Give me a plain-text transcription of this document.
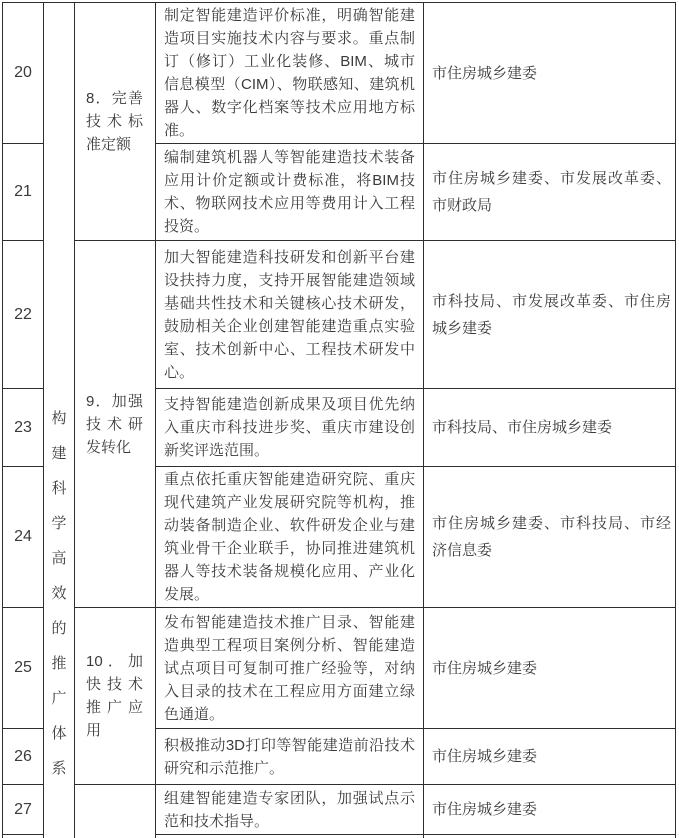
20	构建科学高效的推广体系	8．完善技术标准定额	制定智能建造评价标准，明确智能建造项目实施技术内容与要求。重点制订（修订）工业化装修、BIM、城市信息模型（CIM）、物联感知、建筑机器人、数字化档案等技术应用地方标准。	市住房城乡建委
21			编制建筑机器人等智能建造技术装备应用计价定额或计费标准，将BIM技术、物联网技术应用等费用计入工程投资。	市住房城乡建委、市发展改革委、市财政局
22		9．加强技术研发转化	加大智能建造科技研发和创新平台建设扶持力度，支持开展智能建造领域基础共性技术和关键核心技术研发，鼓励相关企业创建智能建造重点实验室、技术创新中心、工程技术研发中心。	市科技局、市发展改革委、市住房城乡建委
23			支持智能建造创新成果及项目优先纳入重庆市科技进步奖、重庆市建设创新奖评选范围。	市科技局、市住房城乡建委
24			重点依托重庆智能建造研究院、重庆现代建筑产业发展研究院等机构，推动装备制造企业、软件研发企业与建筑业骨干企业联手，协同推进建筑机器人等技术装备规模化应用、产业化发展。	市住房城乡建委、市科技局、市经济信息委
25		10．加快技术推广应用	发布智能建造技术推广目录、智能建造典型工程项目案例分析、智能建造试点项目可复制可推广经验等，对纳入目录的技术在工程应用方面建立绿色通道。	市住房城乡建委
26			积极推动3D打印等智能建造前沿技术研究和示范推广。	市住房城乡建委
27			组建智能建造专家团队，加强试点示范和技术指导。	市住房城乡建委
